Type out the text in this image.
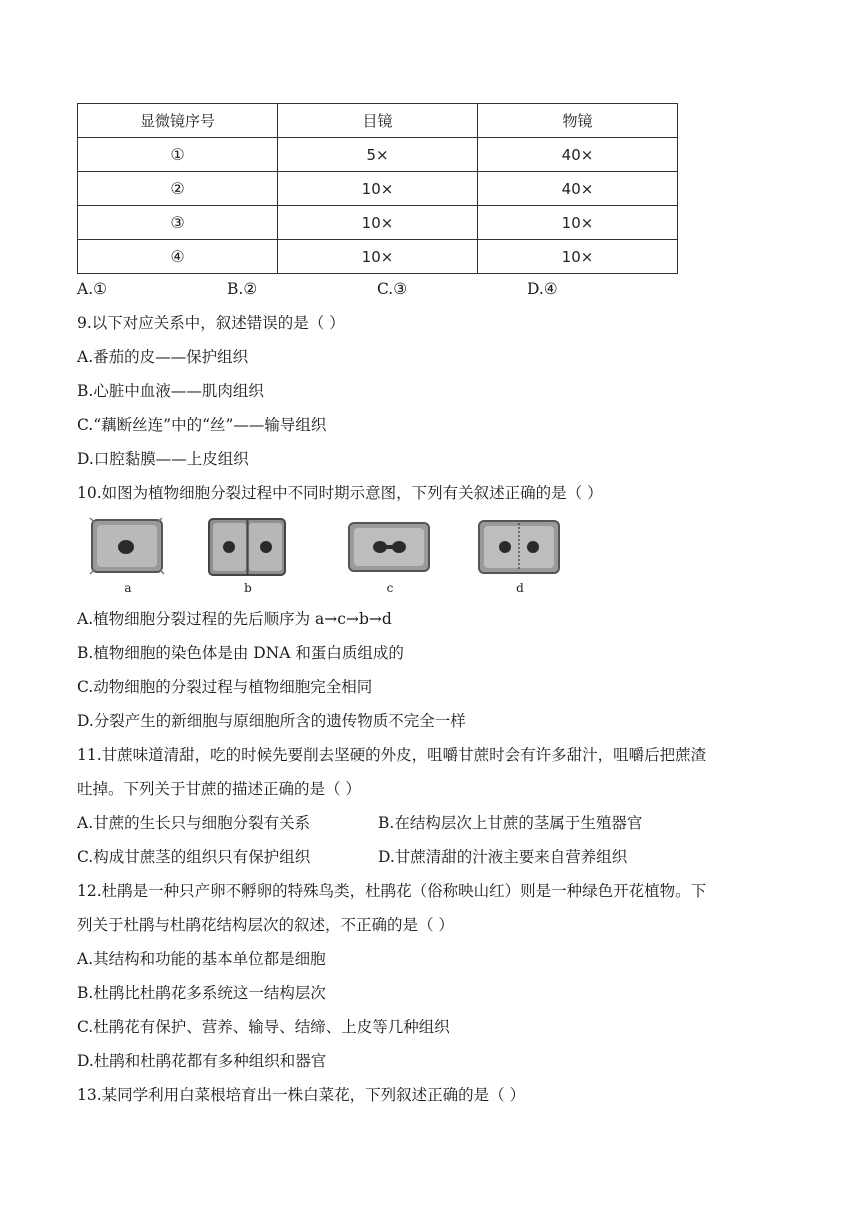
显微镜序号	目镜	物镜
①	5×	40×
②	10×	40×
③	10×	10×
④	10×	10×
A.①	B.②	C.③	D.④
9.以下对应关系中，叙述错误的是（ ）
A.番茄的皮——保护组织
B.心脏中血液——肌肉组织
C.“藕断丝连”中的“丝”——输导组织
D.口腔黏膜——上皮组织
10.如图为植物细胞分裂过程中不同时期示意图，下列有关叙述正确的是（ ）
a	b	c	d
A.植物细胞分裂过程的先后顺序为 a→c→b→d
B.植物细胞的染色体是由 DNA 和蛋白质组成的
C.动物细胞的分裂过程与植物细胞完全相同
D.分裂产生的新细胞与原细胞所含的遗传物质不完全一样
11.甘蔗味道清甜，吃的时候先要削去坚硬的外皮，咀嚼甘蔗时会有许多甜汁，咀嚼后把蔗渣
吐掉。下列关于甘蔗的描述正确的是（ ）
A.甘蔗的生长只与细胞分裂有关系	B.在结构层次上甘蔗的茎属于生殖器官
C.构成甘蔗茎的组织只有保护组织	D.甘蔗清甜的汁液主要来自营养组织
12.杜鹃是一种只产卵不孵卵的特殊鸟类，杜鹃花（俗称映山红）则是一种绿色开花植物。下
列关于杜鹃与杜鹃花结构层次的叙述，不正确的是（ ）
A.其结构和功能的基本单位都是细胞
B.杜鹃比杜鹃花多系统这一结构层次
C.杜鹃花有保护、营养、输导、结缔、上皮等几种组织
D.杜鹃和杜鹃花都有多种组织和器官
13.某同学利用白菜根培育出一株白菜花，下列叙述正确的是（ ）
